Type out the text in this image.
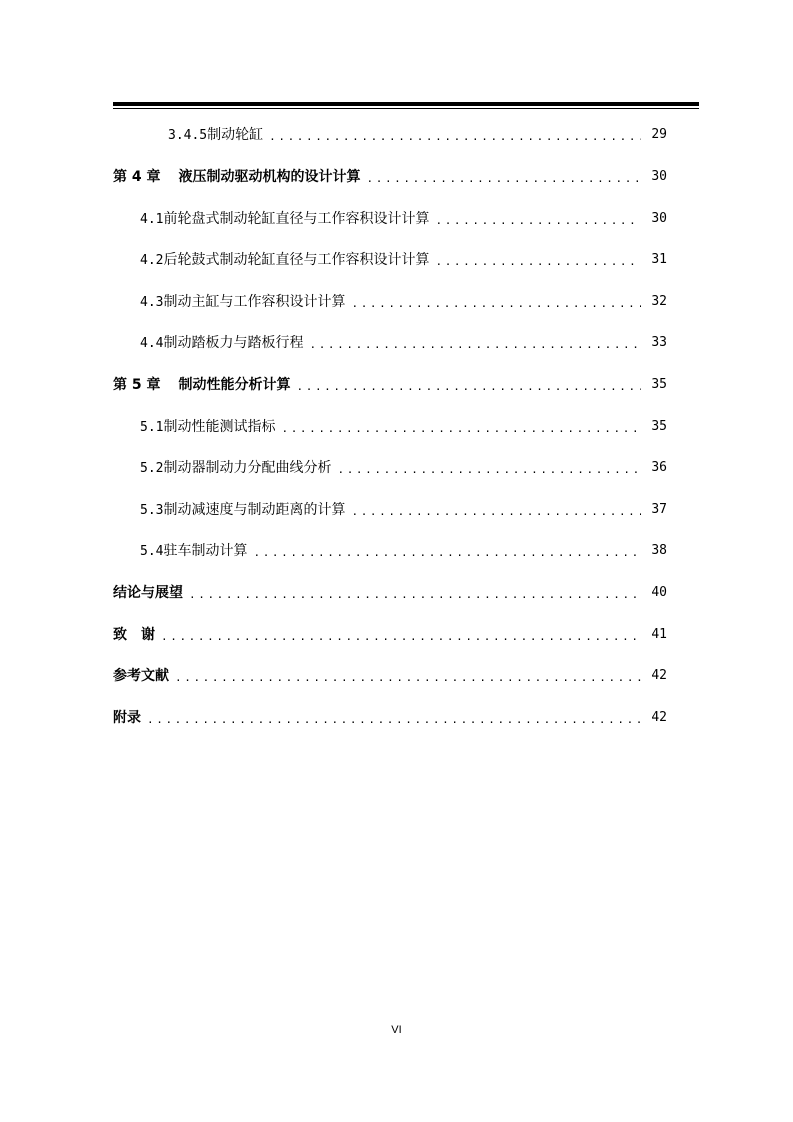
3.4.5制动轮缸 .....	29
第 4 章 液压制动驱动机构的设计计算 .....	30
4.1前轮盘式制动轮缸直径与工作容积设计计算 .....	30
4.2后轮鼓式制动轮缸直径与工作容积设计计算 .....	31
4.3制动主缸与工作容积设计计算 .....	32
4.4制动踏板力与踏板行程 .....	33
第 5 章 制动性能分析计算 .....	35
5.1制动性能测试指标 .....	35
5.2制动器制动力分配曲线分析 .....	36
5.3制动减速度与制动距离的计算 .....	37
5.4驻车制动计算 .....	38
结论与展望 .....	40
致　谢 .....	41
参考文献 .....	42
附录 .....	42
VI
